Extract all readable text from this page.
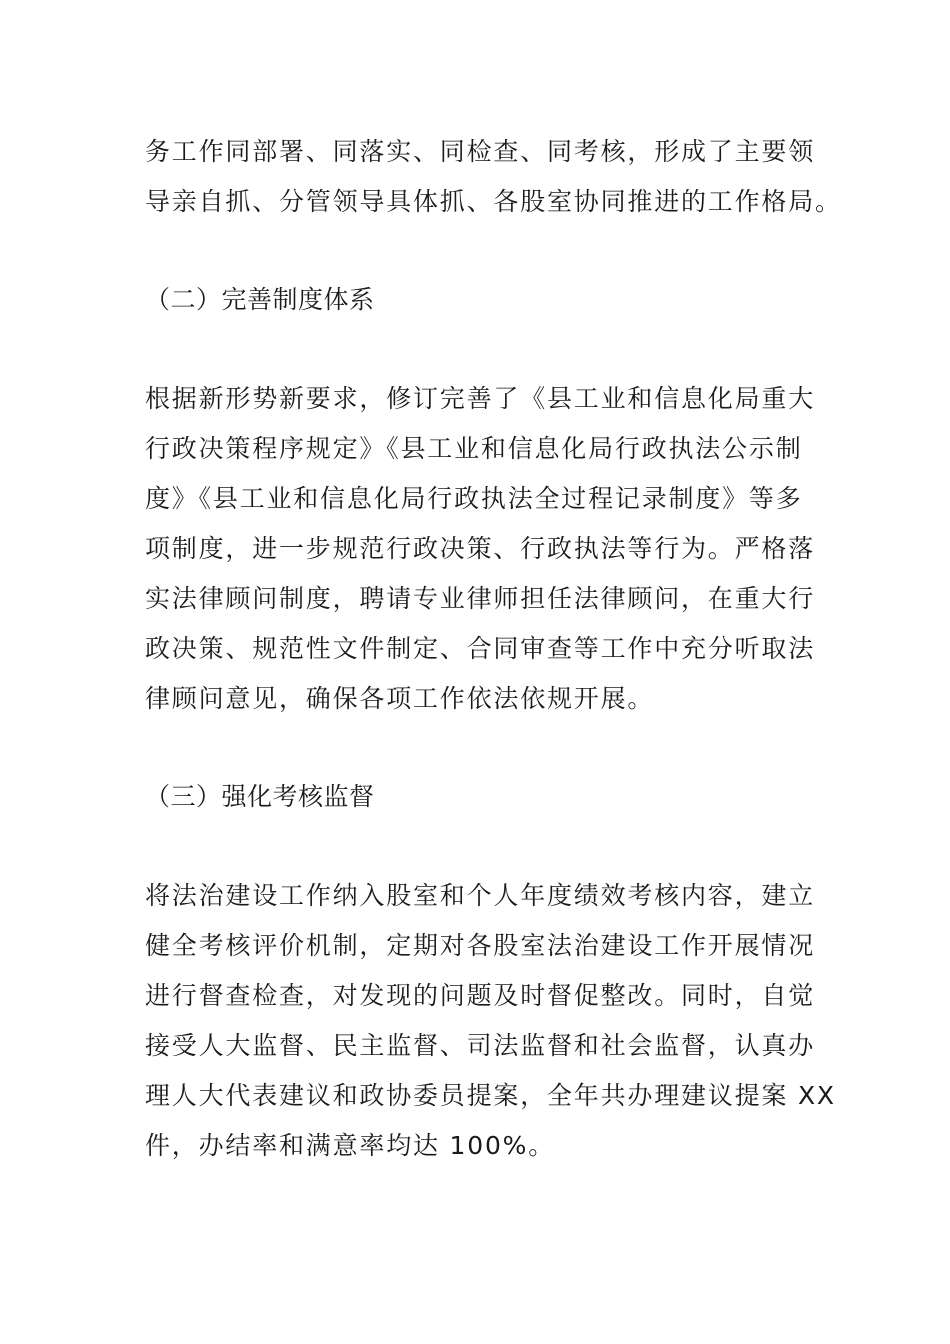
务工作同部署、同落实、同检查、同考核，形成了主要领
导亲自抓、分管领导具体抓、各股室协同推进的工作格局。
（二）完善制度体系
根据新形势新要求，修订完善了《县工业和信息化局重大
行政决策程序规定》《县工业和信息化局行政执法公示制
度》《县工业和信息化局行政执法全过程记录制度》等多
项制度，进一步规范行政决策、行政执法等行为。严格落
实法律顾问制度，聘请专业律师担任法律顾问，在重大行
政决策、规范性文件制定、合同审查等工作中充分听取法
律顾问意见，确保各项工作依法依规开展。
（三）强化考核监督
将法治建设工作纳入股室和个人年度绩效考核内容，建立
健全考核评价机制，定期对各股室法治建设工作开展情况
进行督查检查，对发现的问题及时督促整改。同时，自觉
接受人大监督、民主监督、司法监督和社会监督，认真办
理人大代表建议和政协委员提案，全年共办理建议提案 XX
件，办结率和满意率均达 100%。
